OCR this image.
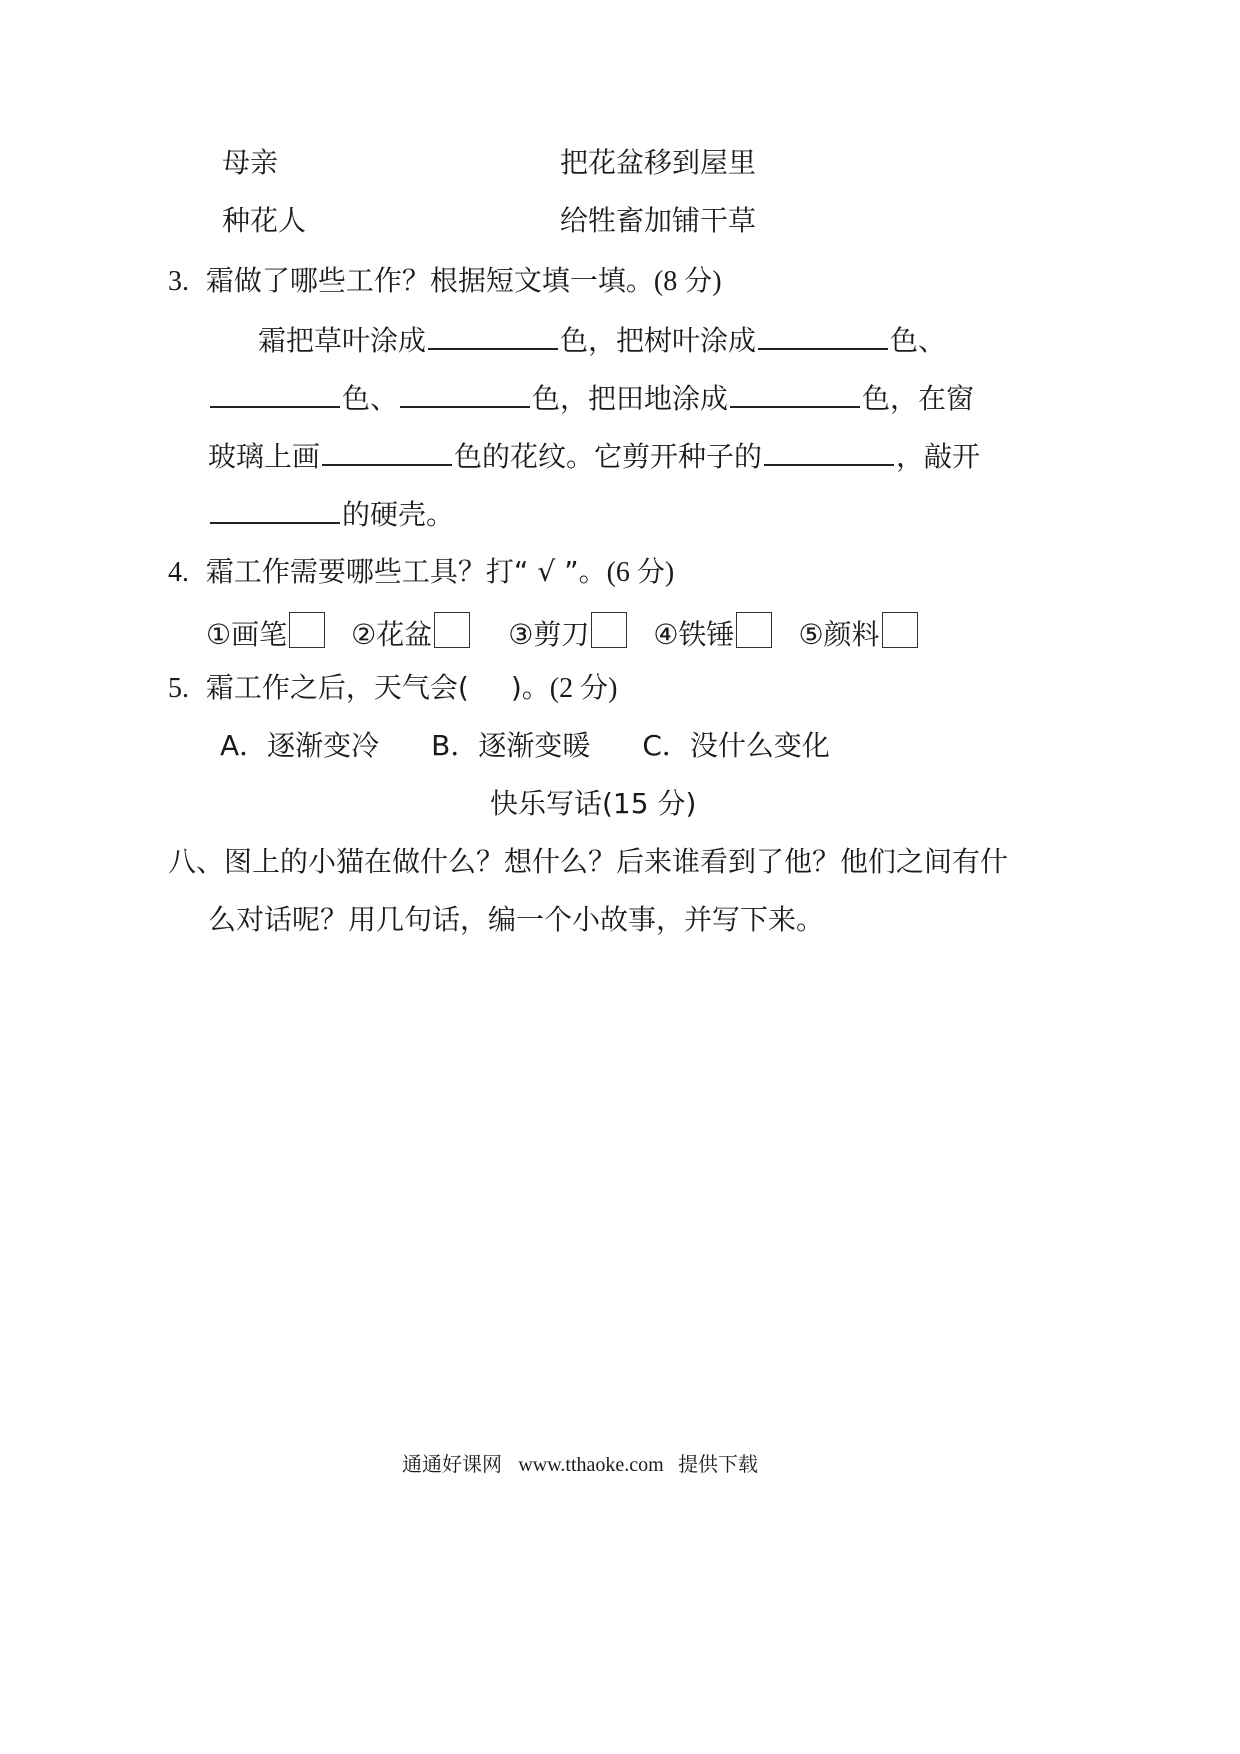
母亲	把花盆移到屋里
种花人	给牲畜加铺干草
3. 霜做了哪些工作？根据短文填一填。(8 分)
霜把草叶涂成	色，把树叶涂成	色、
色、	色，把田地涂成	色，在窗
玻璃上画	色的花纹。它剪开种子的	，敲开
的硬壳。
4. 霜工作需要哪些工具？打“ √ ”。(6 分)
①画笔 ②花盆	③剪刀 ④铁锤 ⑤颜料
5. 霜工作之后，天气会( )。(2 分)
A．逐渐变冷 B．逐渐变暖 C．没什么变化
快乐写话(15 分)
八、图上的小猫在做什么？想什么？后来谁看到了他？他们之间有什
么对话呢？用几句话，编一个小故事，并写下来。
通通好课网 www.tthaoke.com 提供下载
